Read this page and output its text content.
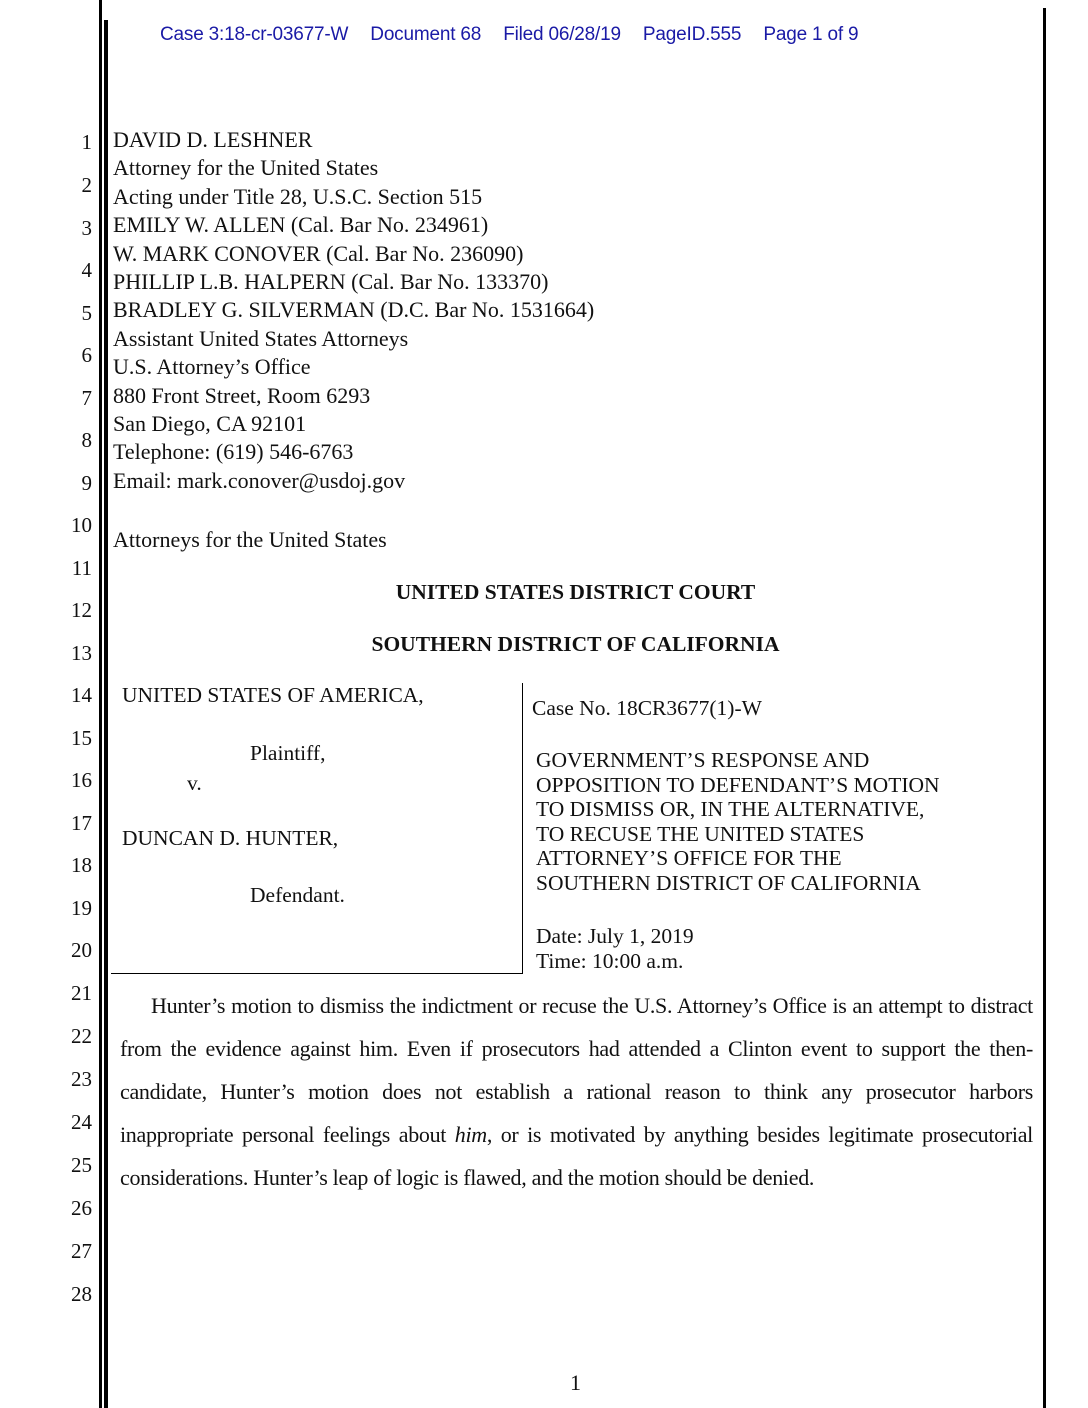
Case 3:18-cr-03677-W Document 68 Filed 06/28/19 PageID.555 Page 1 of 9
1
2
3
4
5
6
7
8
9
10
11
12
13
14
15
16
17
18
19
20
21
22
23
24
25
26
27
28
DAVID D. LESHNER
Attorney for the United States
Acting under Title 28, U.S.C. Section 515
EMILY W. ALLEN (Cal. Bar No. 234961)
W. MARK CONOVER (Cal. Bar No. 236090)
PHILLIP L.B. HALPERN (Cal. Bar No. 133370)
BRADLEY G. SILVERMAN (D.C. Bar No. 1531664)
Assistant United States Attorneys
U.S. Attorney’s Office
880 Front Street, Room 6293
San Diego, CA 92101
Telephone: (619) 546-6763
Email: mark.conover@usdoj.gov
Attorneys for the United States
UNITED STATES DISTRICT COURT
SOUTHERN DISTRICT OF CALIFORNIA
UNITED STATES OF AMERICA,
Plaintiff,
v.
DUNCAN D. HUNTER,
Defendant.
Case No. 18CR3677(1)-W
GOVERNMENT’S RESPONSE AND
OPPOSITION TO DEFENDANT’S MOTION
TO DISMISS OR, IN THE ALTERNATIVE,
TO RECUSE THE UNITED STATES
ATTORNEY’S OFFICE FOR THE
SOUTHERN DISTRICT OF CALIFORNIA
Date: July 1, 2019
Time: 10:00 a.m.
Hunter’s motion to dismiss the indictment or recuse the U.S. Attorney’s Office is an attempt to distract from the evidence against him. Even if prosecutors had attended a Clinton event to support the then-candidate, Hunter’s motion does not establish a rational reason to think any prosecutor harbors inappropriate personal feelings about him, or is motivated by anything besides legitimate prosecutorial considerations. Hunter’s leap of logic is flawed, and the motion should be denied.
1
